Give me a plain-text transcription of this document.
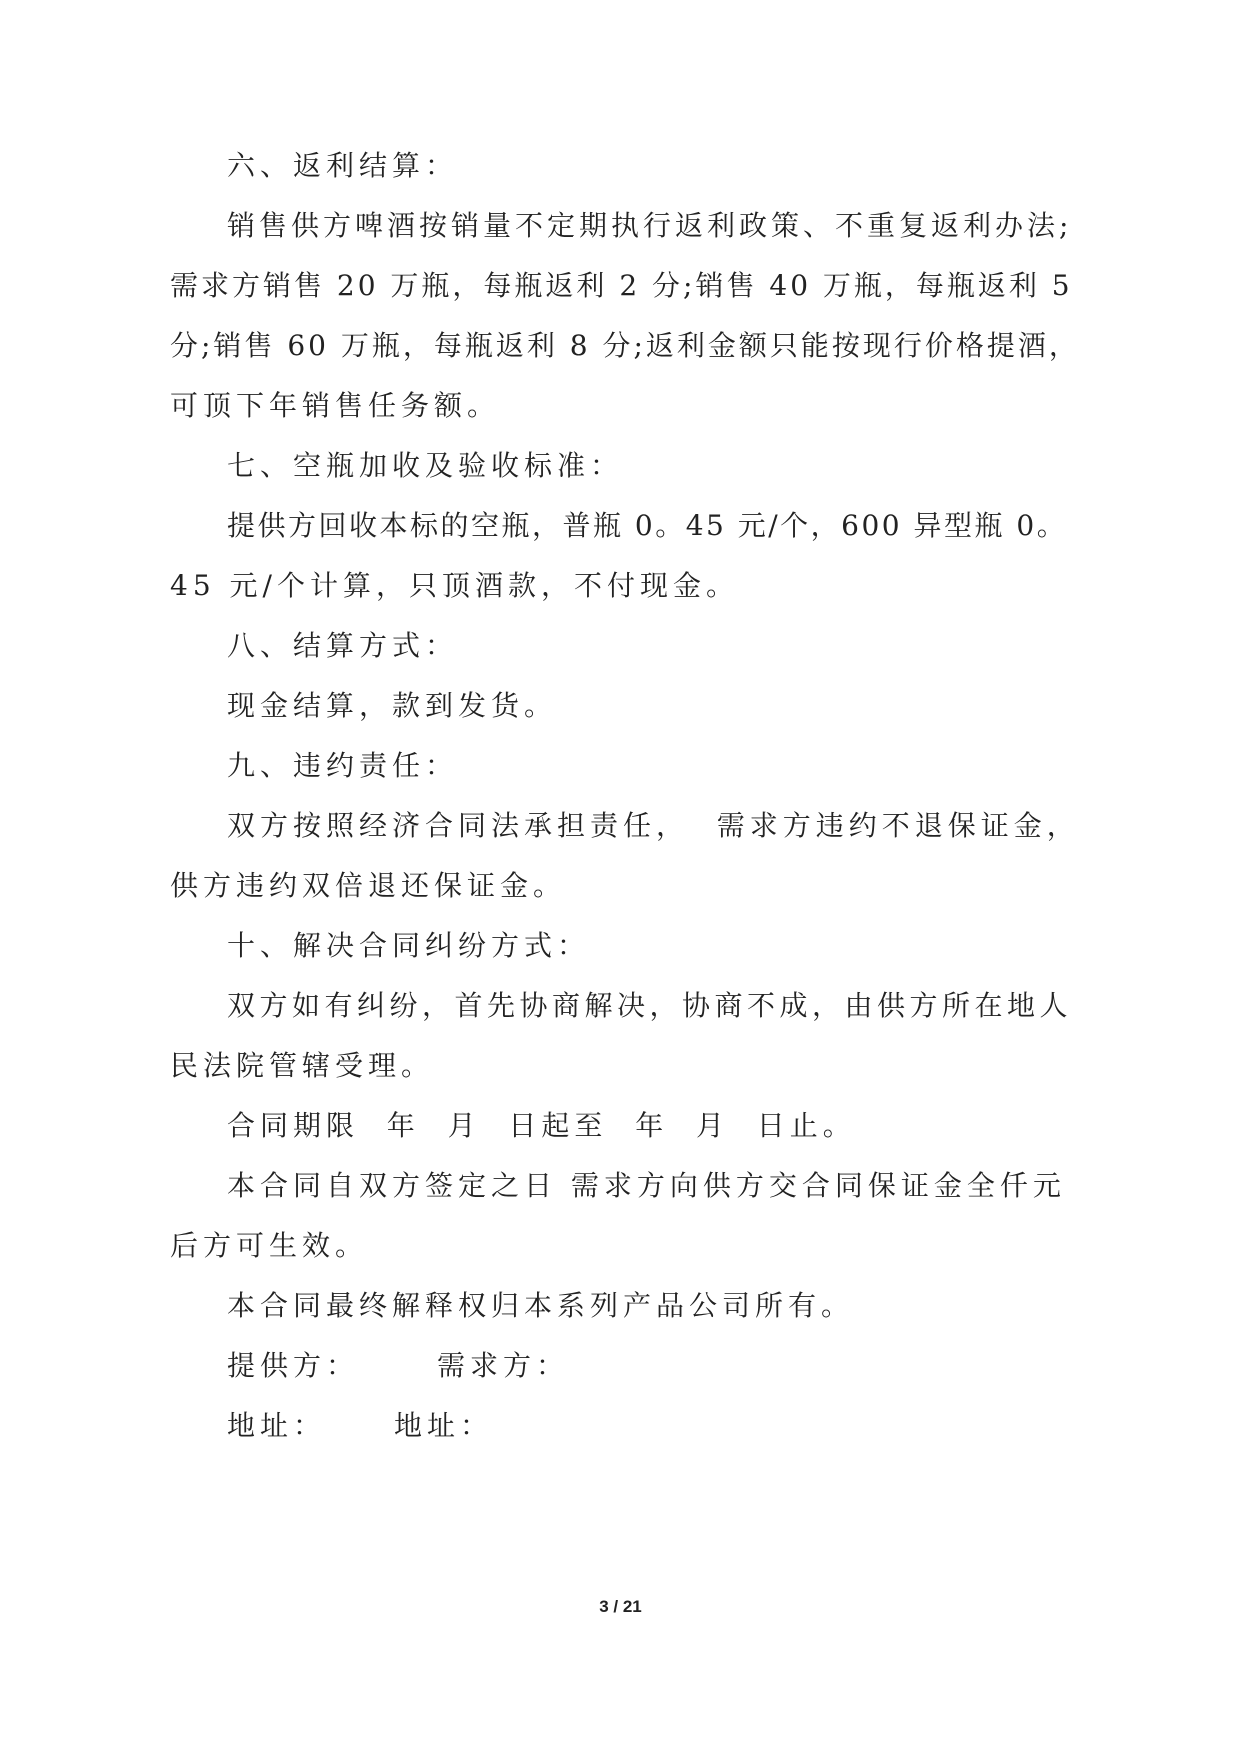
六、返利结算：
销售供方啤酒按销量不定期执行返利政策、不重复返利办法;
需求方销售 20 万瓶，每瓶返利 2 分;销售 40 万瓶，每瓶返利 5
分;销售 60 万瓶，每瓶返利 8 分;返利金额只能按现行价格提酒，
可顶下年销售任务额。
七、空瓶加收及验收标准：
提供方回收本标的空瓶，普瓶 0。45 元/个，600 异型瓶 0。
45 元/个计算，只顶酒款，不付现金。
八、结算方式：
现金结算，款到发货。
九、违约责任：
双方按照经济合同法承担责任，  需求方违约不退保证金，
供方违约双倍退还保证金。
十、解决合同纠纷方式：
双方如有纠纷，首先协商解决，协商不成，由供方所在地人
民法院管辖受理。
合同期限  年  月  日起至  年  月  日止。
本合同自双方签定之日 需求方向供方交合同保证金全仟元
后方可生效。
本合同最终解释权归本系列产品公司所有。
提供方：	需求方：
地址： 地址：
3 / 21
